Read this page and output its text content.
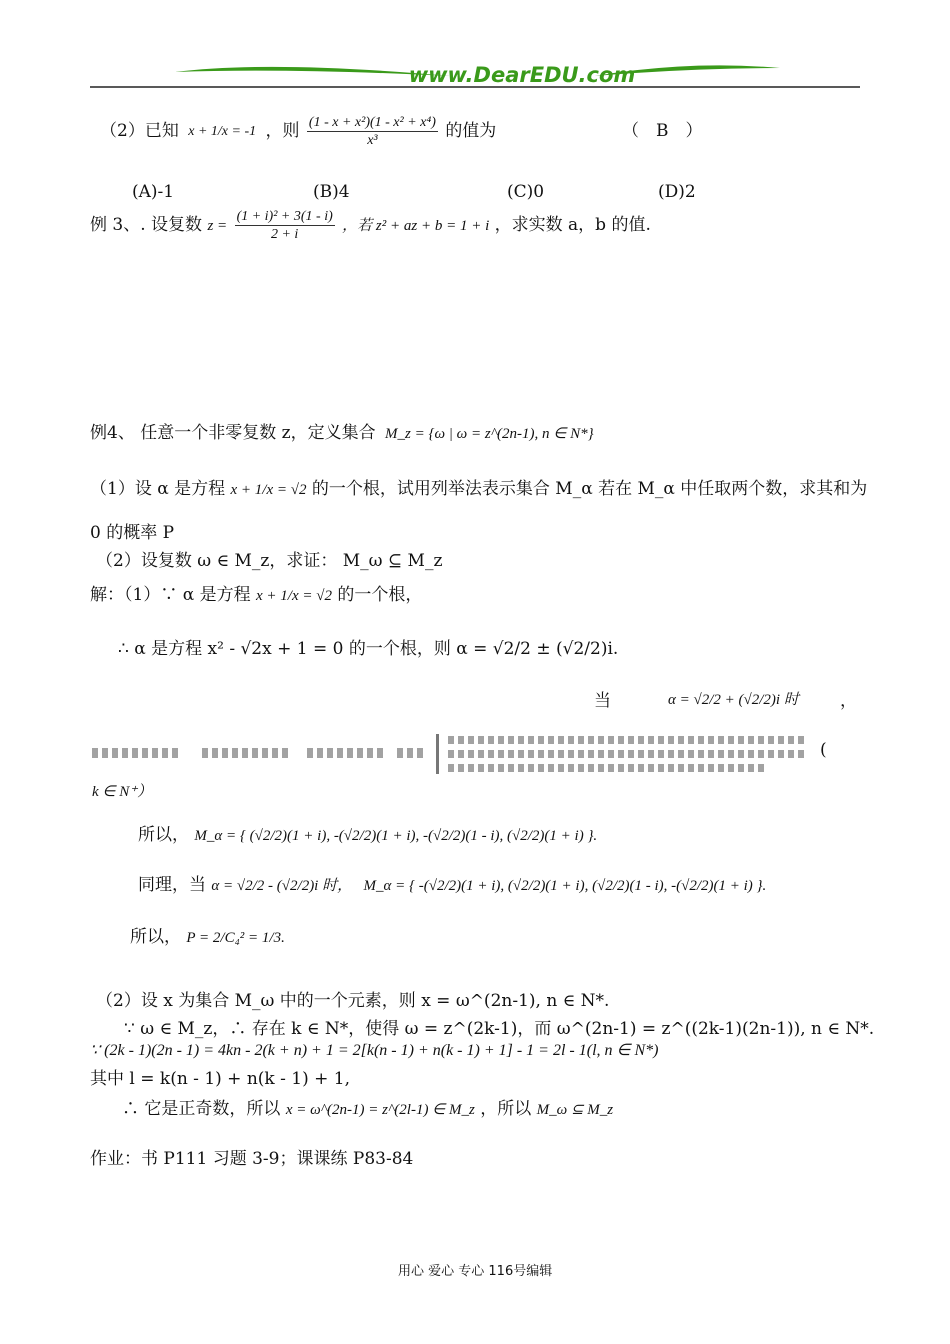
www.DearEDU.com
（2）已知 x + 1/x = -1 ，则 $\frac{\text{(1 - x + x²)(1 - x² + x⁴)}}{\text{x³}}$ 的值为	（　B　）
(A)-1	(B)4	(C)0	(D)2
例 3、. 设复数 $z = \frac{\text{(1 + i)² + 3(1 - i)}}{2 + i}$ ，若 z² + az + b = 1 + i ，求实数 a，b 的值.
例4、 任意一个非零复数 z，定义集合 M_z = {ω | ω = z^(2n-1), n ∈ N*}
（1）设 α 是方程 x + 1/x = √2 的一个根，试用列举法表示集合 M_α 若在 M_α 中任取两个数，求其和为
0 的概率 P
（2）设复数 ω ∈ M_z，求证： M_ω ⊆ M_z
解：（1）∵ α 是方程 x + 1/x = √2 的一个根，
∴ α 是方程 x² - √2x + 1 = 0 的一个根，则 α = √2/2 ± (√2/2)i.
当	α = √2/2 + (√2/2)i 时 ，
(
k ∈ N⁺）
所以， M_α = { (√2/2)(1 + i), -(√2/2)(1 + i), -(√2/2)(1 - i), (√2/2)(1 + i) }.
同理，当 α = √2/2 - (√2/2)i 时， M_α = { -(√2/2)(1 + i), (√2/2)(1 + i), (√2/2)(1 - i), -(√2/2)(1 + i) }.
所以， P = 2/C₄² = 1/3.
（2）设 x 为集合 M_ω 中的一个元素，则 x = ω^(2n-1), n ∈ N*.
∵ ω ∈ M_z，∴ 存在 k ∈ N*，使得 ω = z^(2k-1)，而 ω^(2n-1) = z^((2k-1)(2n-1)), n ∈ N*.
∵ (2k - 1)(2n - 1) = 4kn - 2(k + n) + 1 = 2[k(n - 1) + n(k - 1) + 1] - 1 = 2l - 1(l, n ∈ N*)
其中 l = k(n - 1) + n(k - 1) + 1,
∴ 它是正奇数，所以 x = ω^(2n-1) = z^(2l-1) ∈ M_z ，所以 M_ω ⊆ M_z
作业：书 P111 习题 3-9；课课练 P83-84
用心 爱心 专心 116号编辑
